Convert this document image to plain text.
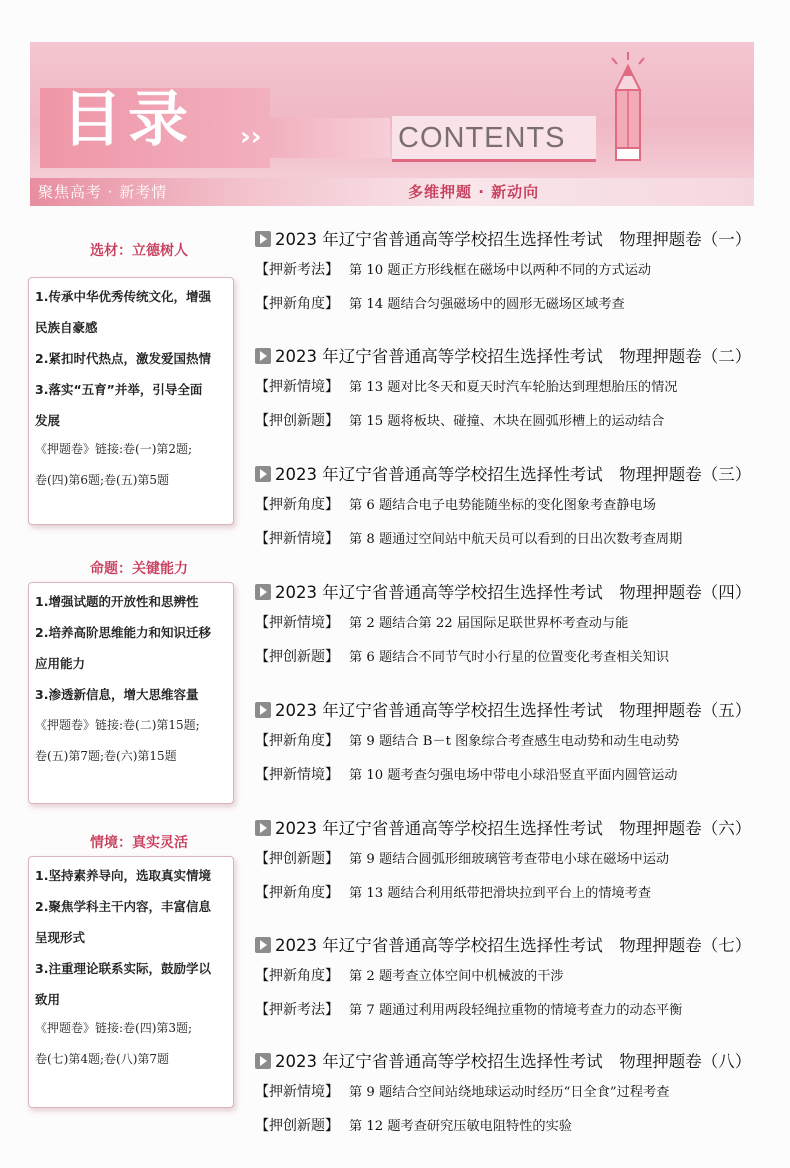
目录 ››	CONTENTS
聚焦高考 · 新考情	多维押题 · 新动向
选材：立德树人
1.传承中华优秀传统文化，增强
民族自豪感
2.紧扣时代热点，激发爱国热情
3.落实“五育”并举，引导全面
发展
《押题卷》链接:卷(一)第2题;
卷(四)第6题;卷(五)第5题
命题：关键能力
1.增强试题的开放性和思辨性
2.培养高阶思维能力和知识迁移
应用能力
3.渗透新信息，增大思维容量
《押题卷》链接:卷(二)第15题;
卷(五)第7题;卷(六)第15题
情境：真实灵活
1.坚持素养导向，选取真实情境
2.聚焦学科主干内容，丰富信息
呈现形式
3.注重理论联系实际，鼓励学以
致用
《押题卷》链接:卷(四)第3题;
卷(七)第4题;卷(八)第7题
2023 年辽宁省普通高等学校招生选择性考试　物理押题卷（一）
【押新考法】 第 10 题正方形线框在磁场中以两种不同的方式运动
【押新角度】 第 14 题结合匀强磁场中的圆形无磁场区域考查
2023 年辽宁省普通高等学校招生选择性考试　物理押题卷（二）
【押新情境】 第 13 题对比冬天和夏天时汽车轮胎达到理想胎压的情况
【押创新题】 第 15 题将板块、碰撞、木块在圆弧形槽上的运动结合
2023 年辽宁省普通高等学校招生选择性考试　物理押题卷（三）
【押新角度】 第 6 题结合电子电势能随坐标的变化图象考查静电场
【押新情境】 第 8 题通过空间站中航天员可以看到的日出次数考查周期
2023 年辽宁省普通高等学校招生选择性考试　物理押题卷（四）
【押新情境】 第 2 题结合第 22 届国际足联世界杯考查动与能
【押创新题】 第 6 题结合不同节气时小行星的位置变化考查相关知识
2023 年辽宁省普通高等学校招生选择性考试　物理押题卷（五）
【押新角度】 第 9 题结合 B－t 图象综合考查感生电动势和动生电动势
【押新情境】 第 10 题考查匀强电场中带电小球沿竖直平面内圆管运动
2023 年辽宁省普通高等学校招生选择性考试　物理押题卷（六）
【押创新题】 第 9 题结合圆弧形细玻璃管考查带电小球在磁场中运动
【押新角度】 第 13 题结合利用纸带把滑块拉到平台上的情境考查
2023 年辽宁省普通高等学校招生选择性考试　物理押题卷（七）
【押新角度】 第 2 题考查立体空间中机械波的干涉
【押新考法】 第 7 题通过利用两段轻绳拉重物的情境考查力的动态平衡
2023 年辽宁省普通高等学校招生选择性考试　物理押题卷（八）
【押新情境】 第 9 题结合空间站绕地球运动时经历“日全食”过程考查
【押创新题】 第 12 题考查研究压敏电阻特性的实验
